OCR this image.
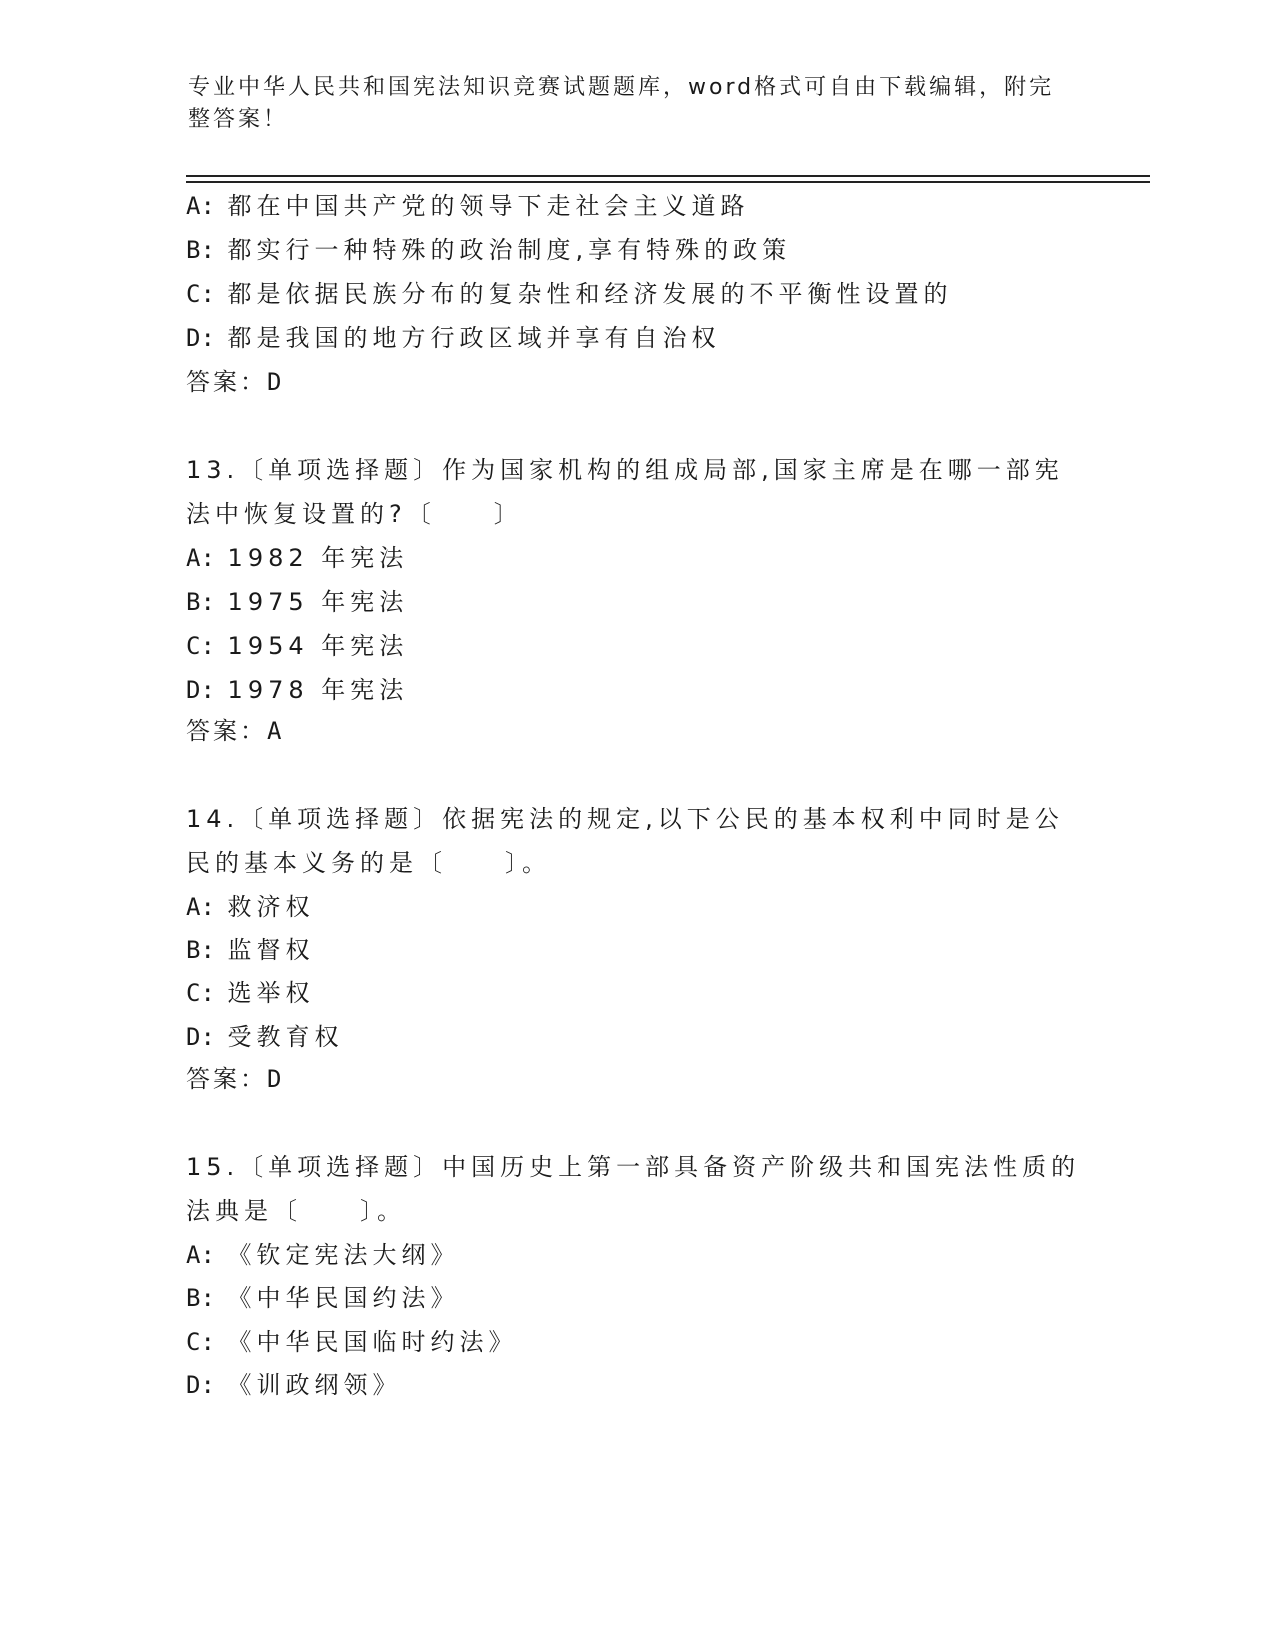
专业中华人民共和国宪法知识竞赛试题题库，word格式可自由下载编辑，附完整答案！
A: 都在中国共产党的领导下走社会主义道路
B: 都实行一种特殊的政治制度,享有特殊的政策
C: 都是依据民族分布的复杂性和经济发展的不平衡性设置的
D: 都是我国的地方行政区域并享有自治权
答案：D
13.〔单项选择题〕作为国家机构的组成局部,国家主席是在哪一部宪
法中恢复设置的?〔　　〕
A: 1982 年宪法
B: 1975 年宪法
C: 1954 年宪法
D: 1978 年宪法
答案：A
14.〔单项选择题〕依据宪法的规定,以下公民的基本权利中同时是公
民的基本义务的是〔　　〕。
A: 救济权
B: 监督权
C: 选举权
D: 受教育权
答案：D
15.〔单项选择题〕中国历史上第一部具备资产阶级共和国宪法性质的
法典是〔　　〕。
A: 《钦定宪法大纲》
B: 《中华民国约法》
C: 《中华民国临时约法》
D: 《训政纲领》
